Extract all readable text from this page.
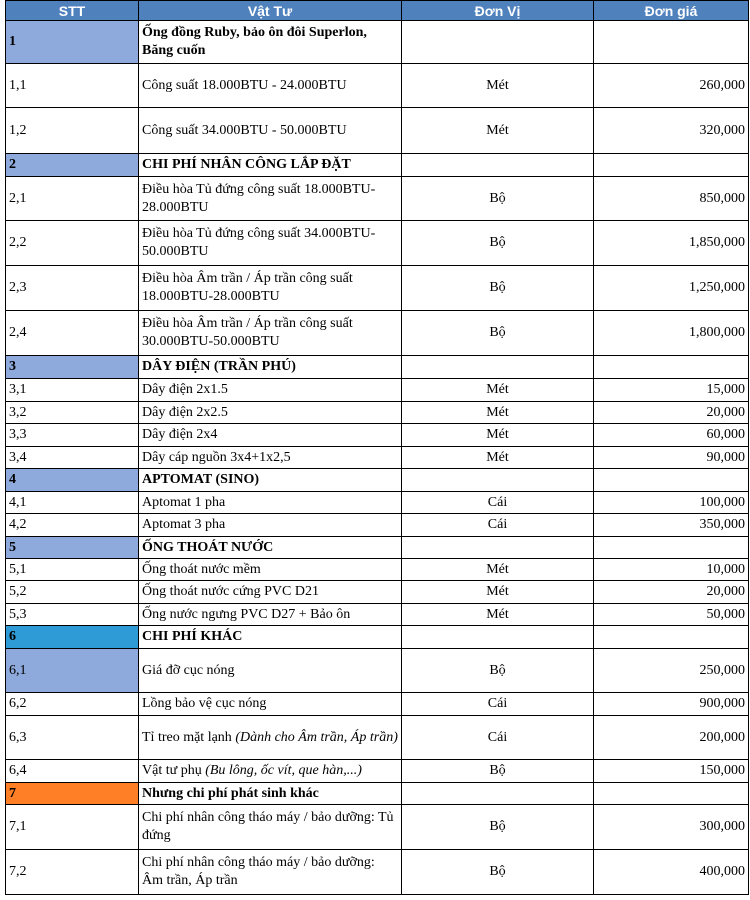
STT	Vật Tư	Đơn Vị	Đơn giá
1	Ống đồng Ruby, bảo ôn đôi Superlon, Băng cuốn		
1,1	Công suất 18.000BTU - 24.000BTU	Mét	260,000
1,2	Công suất 34.000BTU - 50.000BTU	Mét	320,000
2	CHI PHÍ NHÂN CÔNG LẮP ĐẶT		
2,1	Điều hòa Tủ đứng công suất 18.000BTU-28.000BTU	Bộ	850,000
2,2	Điều hòa Tủ đứng công suất 34.000BTU-50.000BTU	Bộ	1,850,000
2,3	Điều hòa Âm trần / Áp trần công suất 18.000BTU-28.000BTU	Bộ	1,250,000
2,4	Điều hòa Âm trần / Áp trần công suất 30.000BTU-50.000BTU	Bộ	1,800,000
3	DÂY ĐIỆN (TRẦN PHÚ)		
3,1	Dây điện 2x1.5	Mét	15,000
3,2	Dây điện 2x2.5	Mét	20,000
3,3	Dây điện 2x4	Mét	60,000
3,4	Dây cáp nguồn 3x4+1x2,5	Mét	90,000
4	APTOMAT (SINO)		
4,1	Aptomat 1 pha	Cái	100,000
4,2	Aptomat 3 pha	Cái	350,000
5	ỐNG THOÁT NƯỚC		
5,1	Ống thoát nước mềm	Mét	10,000
5,2	Ống thoát nước cứng PVC D21	Mét	20,000
5,3	Ống nước ngưng PVC D27 + Bảo ôn	Mét	50,000
6	CHI PHÍ KHÁC		
6,1	Giá đỡ cục nóng	Bộ	250,000
6,2	Lồng bảo vệ cục nóng	Cái	900,000
6,3	Tỉ treo mặt lạnh (Dành cho Âm trần, Áp trần)	Cái	200,000
6,4	Vật tư phụ (Bu lông, ốc vít, que hàn,...)	Bộ	150,000
7	Nhưng chi phí phát sinh khác		
7,1	Chi phí nhân công tháo máy / bảo dưỡng: Tủ đứng	Bộ	300,000
7,2	Chi phí nhân công tháo máy / bảo dưỡng: Âm trần, Áp trần	Bộ	400,000
